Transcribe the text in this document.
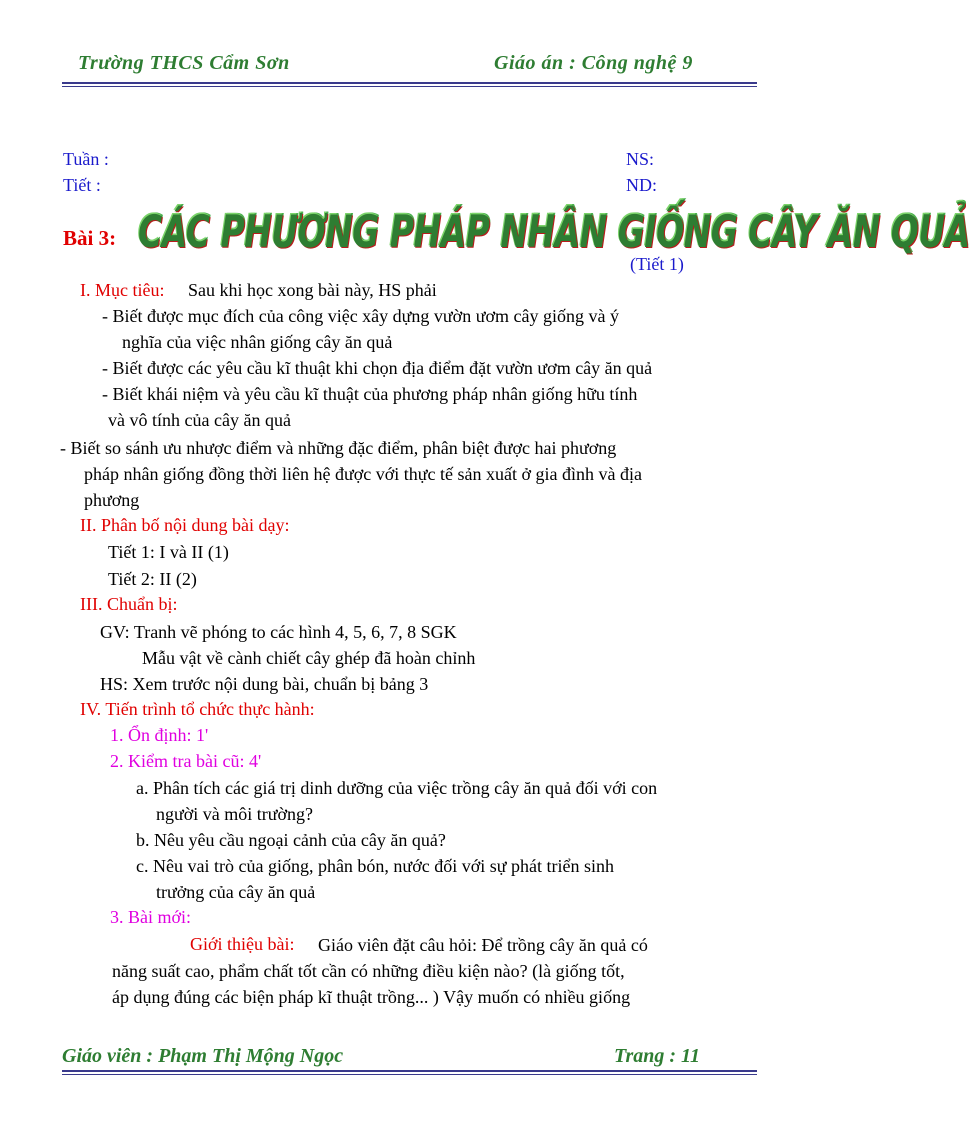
Trường THCS Cẩm Sơn	Giáo án : Công nghệ 9
Tuần :
Tiết :
NS:
ND:
Bài 3: CÁC PHƯƠNG PHÁP NHÂN GIỐNG CÂY ĂN QUẢ
(Tiết 1)
I. Mục tiêu: Sau khi học xong bài này, HS phải
- Biết được mục đích của công việc xây dựng vườn ươm cây giống và ý
nghĩa của việc nhân giống cây ăn quả
- Biết được các yêu cầu kĩ thuật khi chọn địa điểm đặt vườn ươm cây ăn quả
- Biết khái niệm và yêu cầu kĩ thuật của phương pháp nhân giống hữu tính
và vô tính của cây ăn quả
- Biết so sánh ưu nhược điểm và những đặc điểm, phân biệt được hai phương
pháp nhân giống đồng thời liên hệ được với thực tế sản xuất ở gia đình và địa
phương
II. Phân bố nội dung bài dạy:
Tiết 1: I và II (1)
Tiết 2: II (2)
III. Chuẩn bị:
GV: Tranh vẽ phóng to các hình 4, 5, 6, 7, 8 SGK
Mẫu vật về cành chiết cây ghép đã hoàn chỉnh
HS: Xem trước nội dung bài, chuẩn bị bảng 3
IV. Tiến trình tổ chức thực hành:
1. Ổn định: 1'
2. Kiểm tra bài cũ: 4'
a. Phân tích các giá trị dinh dưỡng của việc trồng cây ăn quả đối với con
người và môi trường?
b. Nêu yêu cầu ngoại cảnh của cây ăn quả?
c. Nêu vai trò của giống, phân bón, nước đối với sự phát triển sinh
trưởng của cây ăn quả
3. Bài mới:
Giới thiệu bài: Giáo viên đặt câu hỏi: Để trồng cây ăn quả có
năng suất cao, phẩm chất tốt cần có những điều kiện nào? (là giống tốt,
áp dụng đúng các biện pháp kĩ thuật trồng... ) Vậy muốn có nhiều giống
Giáo viên : Phạm Thị Mộng Ngọc	Trang : 11
